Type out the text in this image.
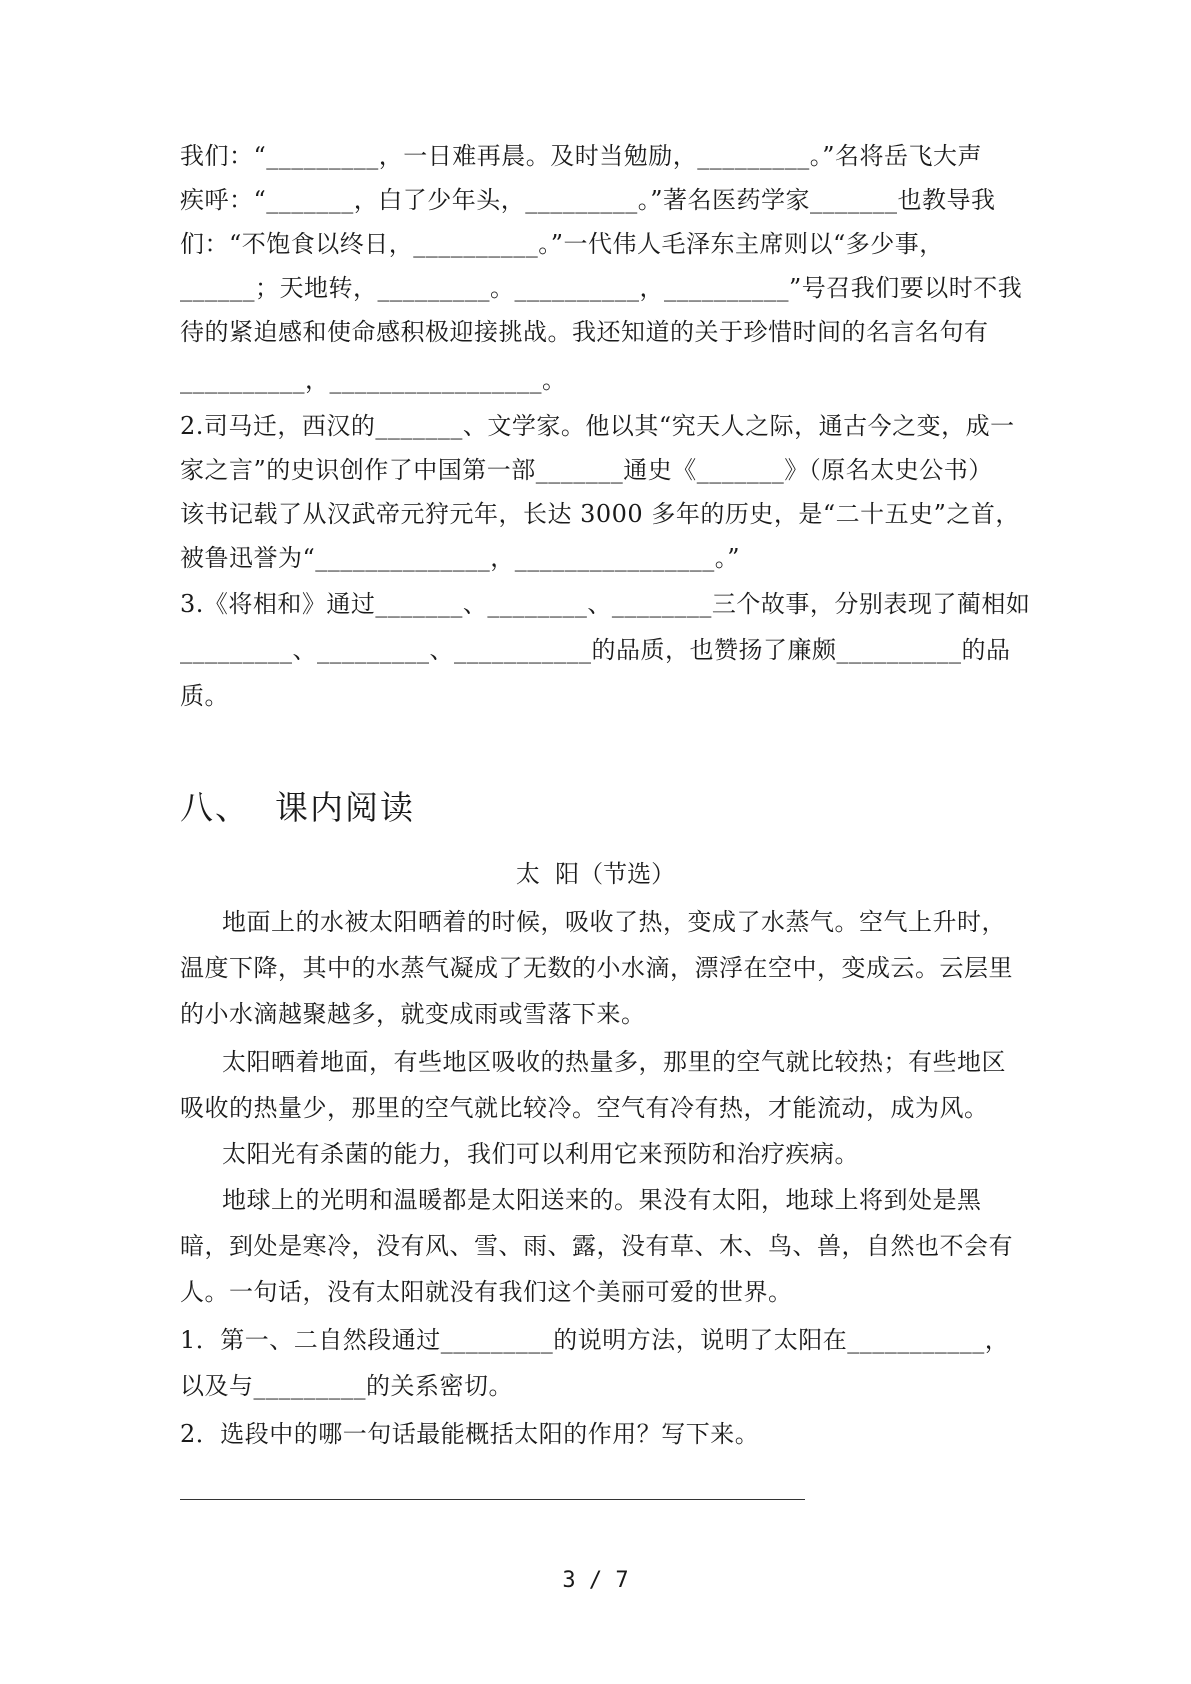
我们：“_________，一日难再晨。及时当勉励，_________。”名将岳飞大声
疾呼：“_______，白了少年头，_________。”著名医药学家_______也教导我
们：“不饱食以终日，__________。”一代伟人毛泽东主席则以“多少事，
______；天地转，_________。__________，__________”号召我们要以时不我
待的紧迫感和使命感积极迎接挑战。我还知道的关于珍惜时间的名言名句有
__________，_________________。
2.司马迁，西汉的_______、文学家。他以其“究天人之际，通古今之变，成一
家之言”的史识创作了中国第一部_______通史《_______》（原名太史公书）
该书记载了从汉武帝元狩元年，长达 3000 多年的历史，是“二十五史”之首，
被鲁迅誉为“______________，________________。”
3.《将相和》通过_______、________、________三个故事，分别表现了蔺相如
_________、_________、___________的品质，也赞扬了廉颇__________的品
质。
八、  课内阅读
太  阳（节选）
地面上的水被太阳晒着的时候，吸收了热，变成了水蒸气。空气上升时，
温度下降，其中的水蒸气凝成了无数的小水滴，漂浮在空中，变成云。云层里
的小水滴越聚越多，就变成雨或雪落下来。
太阳晒着地面，有些地区吸收的热量多，那里的空气就比较热；有些地区
吸收的热量少，那里的空气就比较冷。空气有冷有热，才能流动，成为风。
太阳光有杀菌的能力，我们可以利用它来预防和治疗疾病。
地球上的光明和温暖都是太阳送来的。果没有太阳，地球上将到处是黑
暗，到处是寒冷，没有风、雪、雨、露，没有草、木、鸟、兽，自然也不会有
人。一句话，没有太阳就没有我们这个美丽可爱的世界。
1．第一、二自然段通过_________的说明方法，说明了太阳在___________，
以及与_________的关系密切。
2．选段中的哪一句话最能概括太阳的作用？写下来。
3 / 7
